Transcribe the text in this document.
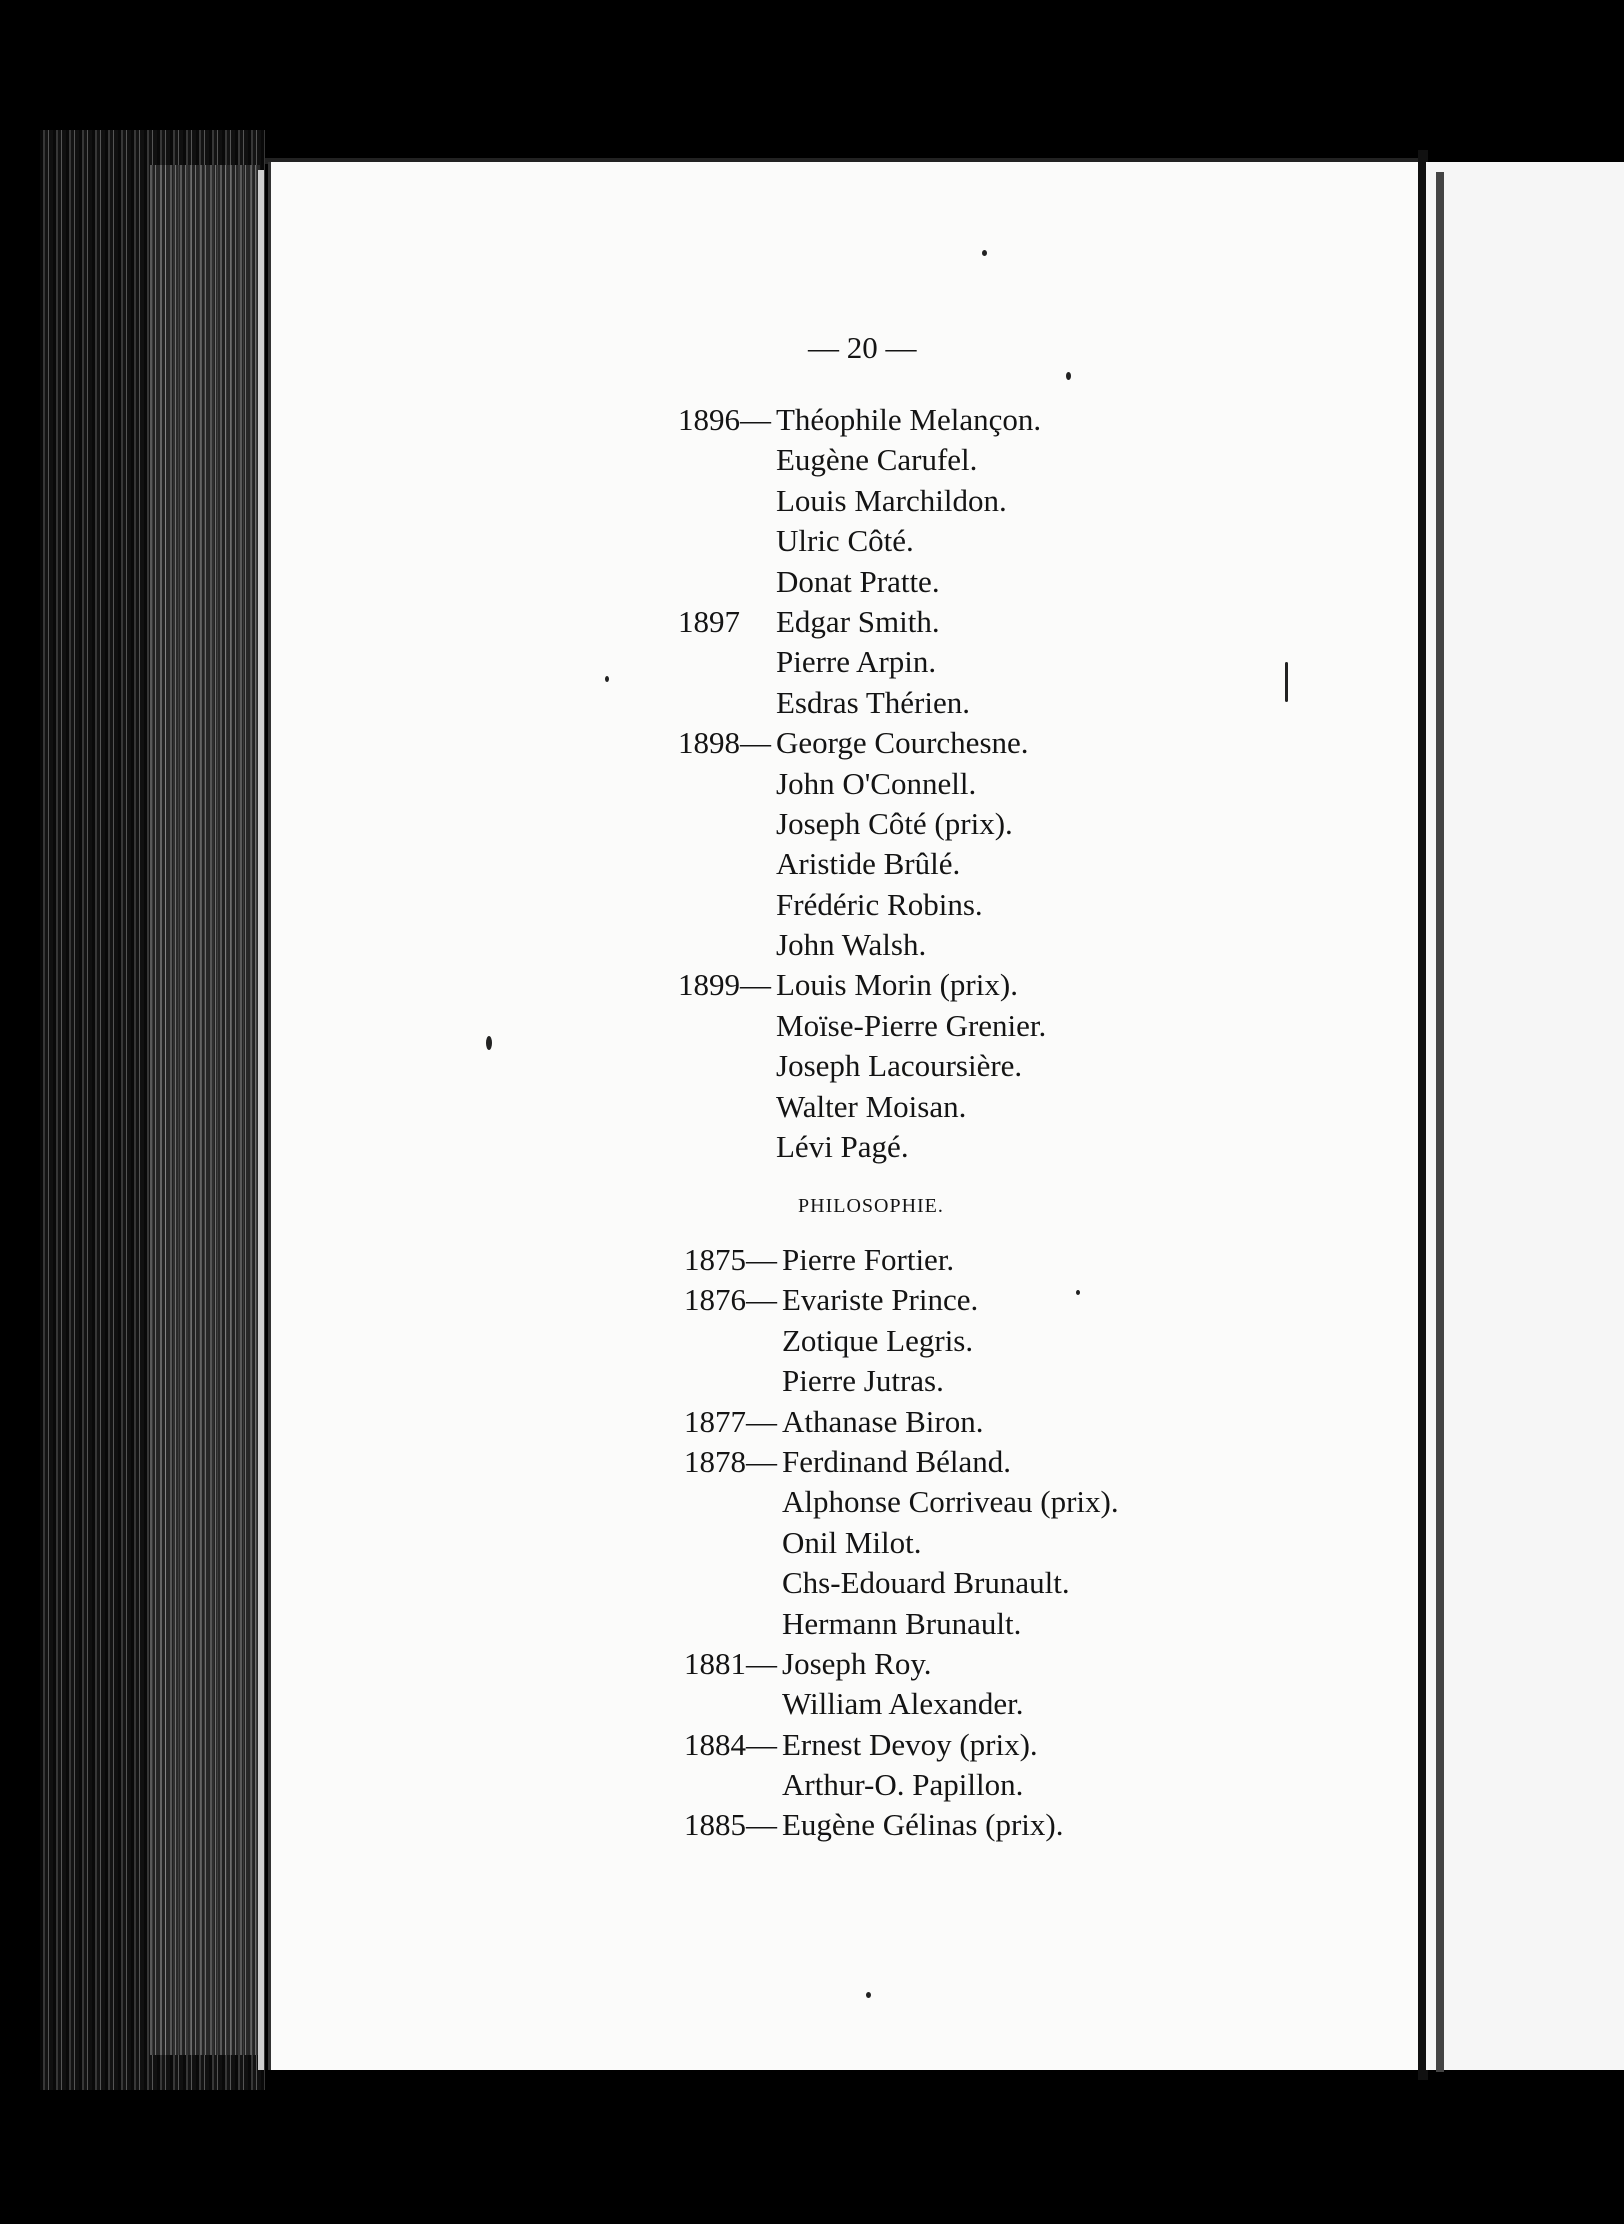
— 20 —
1896— Théophile Melançon.
Eugène Carufel.
Louis Marchildon.
Ulric Côté.
Donat Pratte.
1897 Edgar Smith.
Pierre Arpin.
Esdras Thérien.
1898— George Courchesne.
John O'Connell.
Joseph Côté (prix).
Aristide Brûlé.
Frédéric Robins.
John Walsh.
1899— Louis Morin (prix).
Moïse-Pierre Grenier.
Joseph Lacoursière.
Walter Moisan.
Lévi Pagé.
PHILOSOPHIE.
1875— Pierre Fortier.
1876— Evariste Prince.
Zotique Legris.
Pierre Jutras.
1877— Athanase Biron.
1878— Ferdinand Béland.
Alphonse Corriveau (prix).
Onil Milot.
Chs-Edouard Brunault.
Hermann Brunault.
1881— Joseph Roy.
William Alexander.
1884— Ernest Devoy (prix).
Arthur-O. Papillon.
1885— Eugène Gélinas (prix).
